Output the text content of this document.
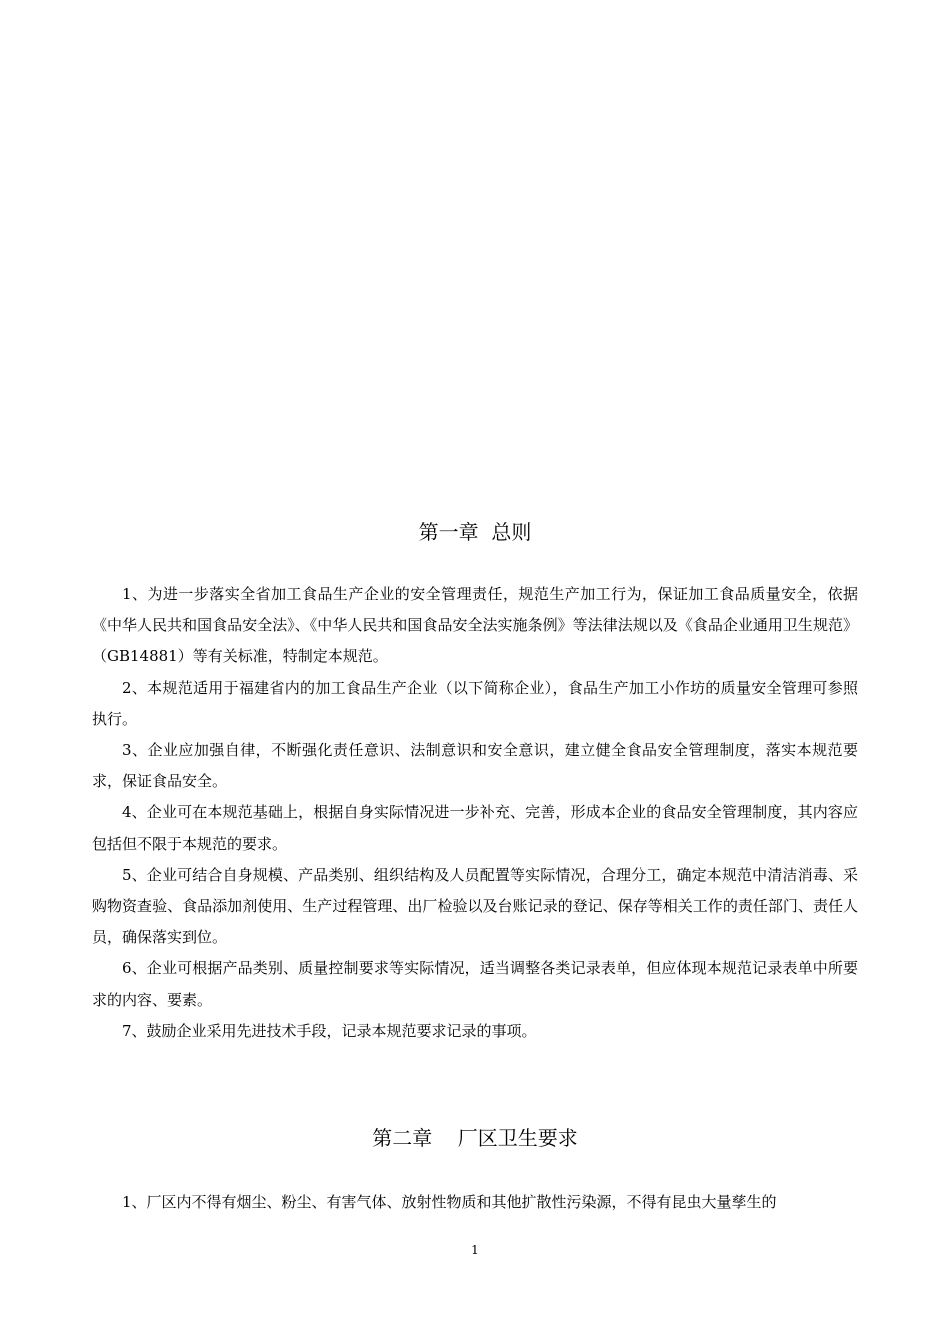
第一章  总则

1、为进一步落实全省加工食品生产企业的安全管理责任，规范生产加工行为，保证加工食品质量安全，依据《中华人民共和国食品安全法》、《中华人民共和国食品安全法实施条例》等法律法规以及《食品企业通用卫生规范》（GB14881）等有关标准，特制定本规范。

2、本规范适用于福建省内的加工食品生产企业（以下简称企业），食品生产加工小作坊的质量安全管理可参照执行。

3、企业应加强自律，不断强化责任意识、法制意识和安全意识，建立健全食品安全管理制度，落实本规范要求，保证食品安全。

4、企业可在本规范基础上，根据自身实际情况进一步补充、完善，形成本企业的食品安全管理制度，其内容应包括但不限于本规范的要求。

5、企业可结合自身规模、产品类别、组织结构及人员配置等实际情况，合理分工，确定本规范中清洁消毒、采购物资查验、食品添加剂使用、生产过程管理、出厂检验以及台账记录的登记、保存等相关工作的责任部门、责任人员，确保落实到位。

6、企业可根据产品类别、质量控制要求等实际情况，适当调整各类记录表单，但应体现本规范记录表单中所要求的内容、要素。

7、鼓励企业采用先进技术手段，记录本规范要求记录的事项。

第二章    厂区卫生要求

1、厂区内不得有烟尘、粉尘、有害气体、放射性物质和其他扩散性污染源，不得有昆虫大量孳生的

1
